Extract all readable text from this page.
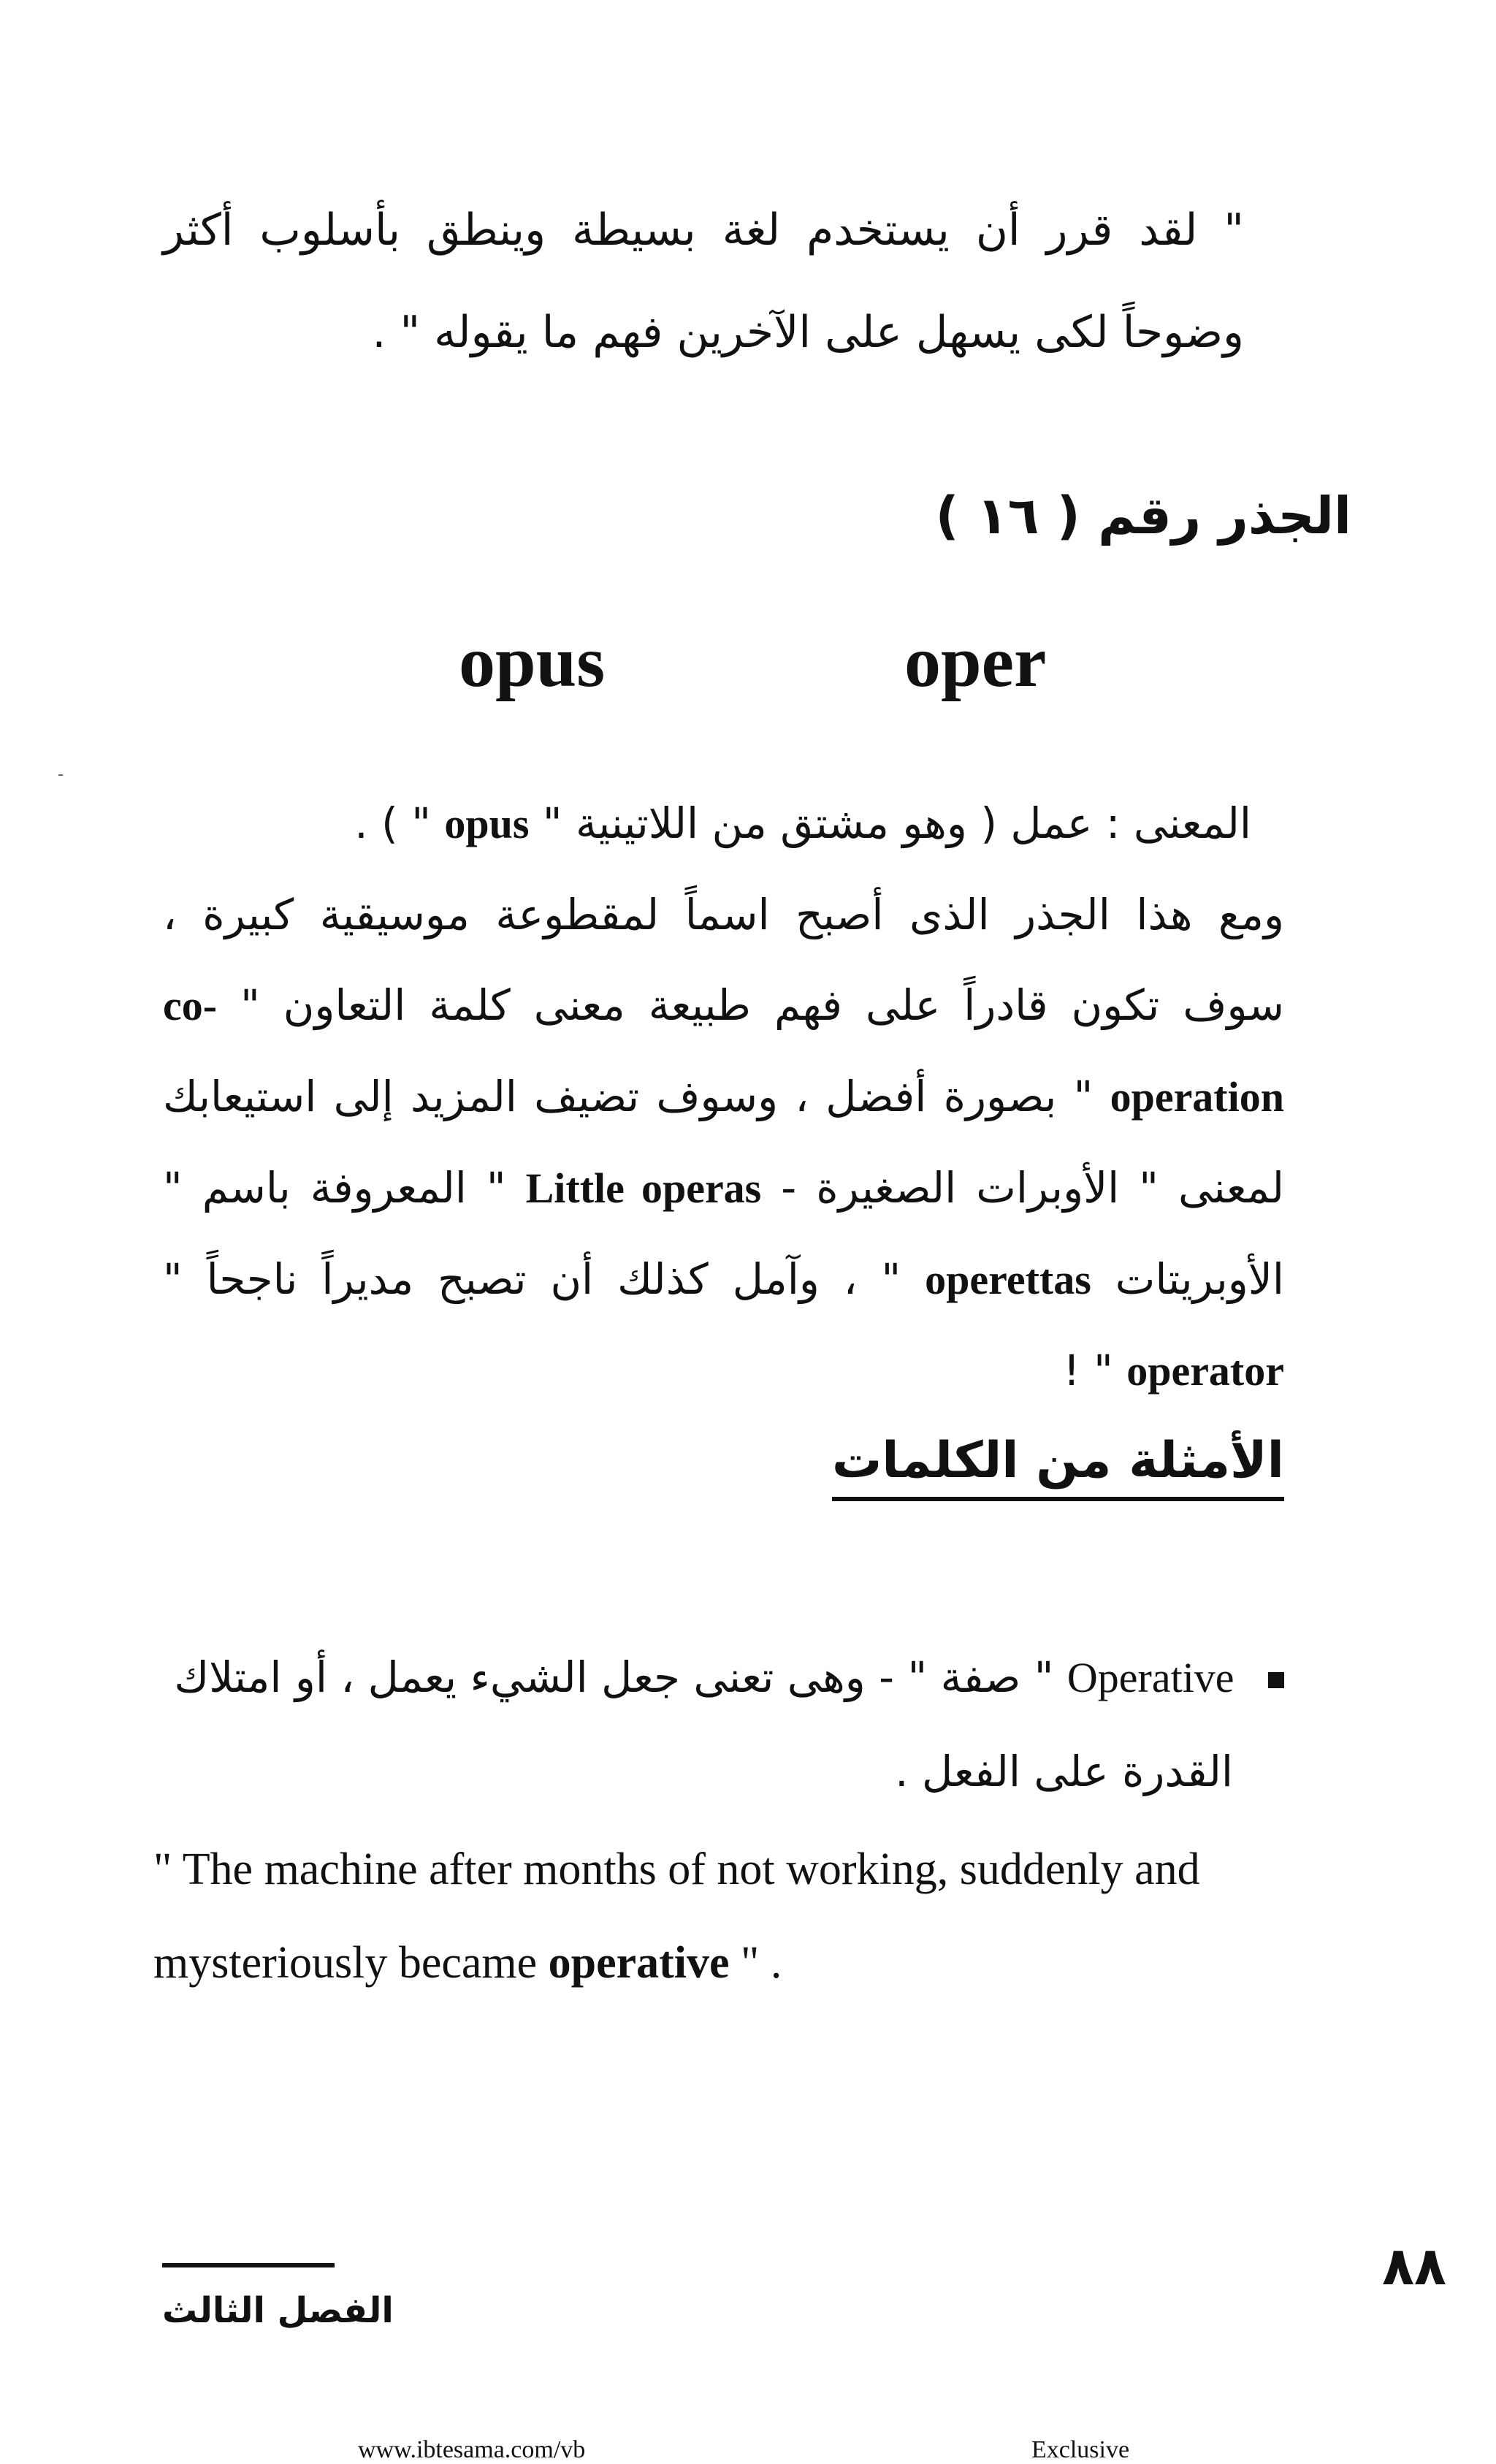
" لقد قرر أن يستخدم لغة بسيطة وينطق بأسلوب أكثر وضوحاً لكى يسهل على الآخرين فهم ما يقوله " .
الجذر رقم ( ١٦ )
opus	oper
المعنى : عمل ( وهو مشتق من اللاتينية " opus " ) .
ومع هذا الجذر الذى أصبح اسماً لمقطوعة موسيقية كبيرة ، سوف تكون قادراً على فهم طبيعة معنى كلمة التعاون " co-operation " بصورة أفضل ، وسوف تضيف المزيد إلى استيعابك لمعنى " الأوبرات الصغيرة - Little operas " المعروفة باسم " الأوبريتات operettas " ، وآمل كذلك أن تصبح مديراً ناجحاً " operator " !
الأمثلة من الكلمات
Operative " صفة " - وهى تعنى جعل الشيء يعمل ، أو امتلاك
القدرة على الفعل .
" The machine after months of not working, suddenly and mysteriously became operative " .
الفصل الثالث
٨٨
www.ibtesama.com/vb	Exclusive
